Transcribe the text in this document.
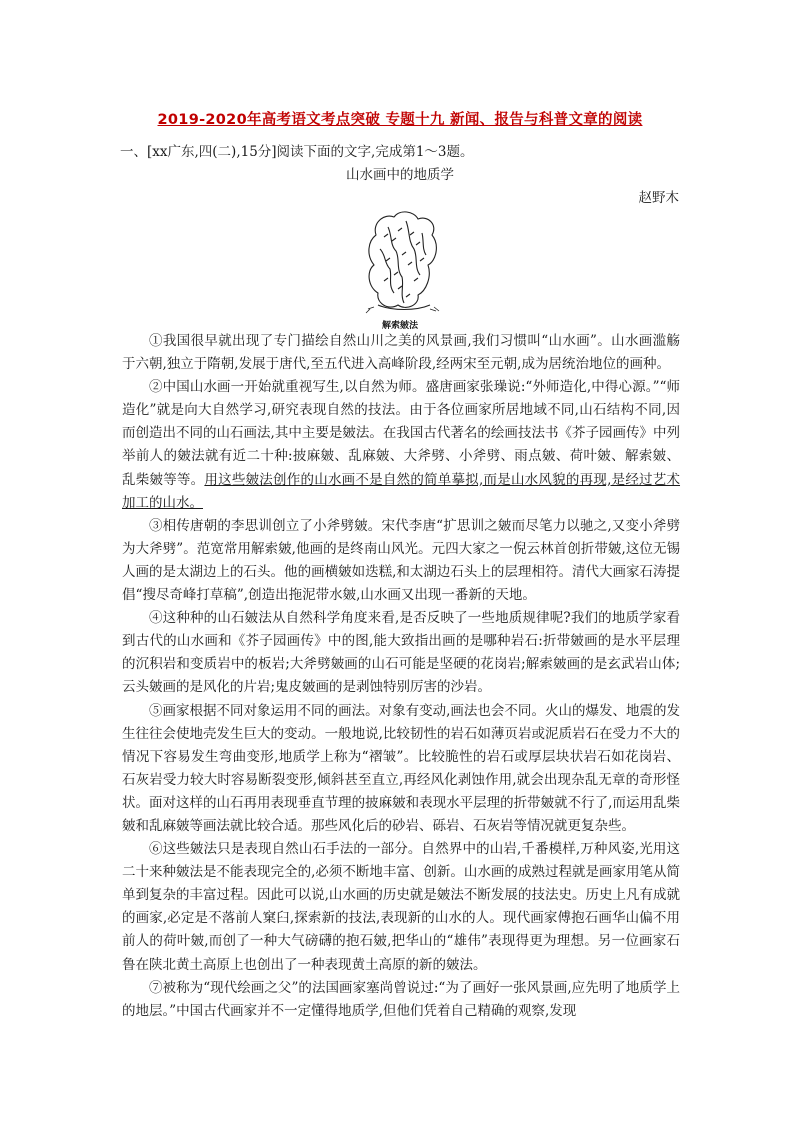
2019-2020年高考语文考点突破 专题十九 新闻、报告与科普文章的阅读
一、[xx广东,四(二),15分]阅读下面的文字,完成第1～3题。
山水画中的地质学
赵野木
解索皴法

①我国很早就出现了专门描绘自然山川之美的风景画,我们习惯叫“山水画”。山水画滥觞于六朝,独立于隋朝,发展于唐代,至五代进入高峰阶段,经两宋至元朝,成为居统治地位的画种。

②中国山水画一开始就重视写生,以自然为师。盛唐画家张璪说:“外师造化,中得心源。”“师造化”就是向大自然学习,研究表现自然的技法。由于各位画家所居地域不同,山石结构不同,因而创造出不同的山石画法,其中主要是皴法。在我国古代著名的绘画技法书《芥子园画传》中列举前人的皴法就有近二十种:披麻皴、乱麻皴、大斧劈、小斧劈、雨点皴、荷叶皴、解索皴、乱柴皴等等。用这些皴法创作的山水画不是自然的简单摹拟,而是山水风貌的再现,是经过艺术加工的山水。

③相传唐朝的李思训创立了小斧劈皴。宋代李唐“扩思训之皴而尽笔力以驰之,又变小斧劈为大斧劈”。范宽常用解索皴,他画的是终南山风光。元四大家之一倪云林首创折带皴,这位无锡人画的是太湖边上的石头。他的画横皴如迭糕,和太湖边石头上的层理相符。清代大画家石涛提倡“搜尽奇峰打草稿”,创造出拖泥带水皴,山水画又出现一番新的天地。

④这种种的山石皴法从自然科学角度来看,是否反映了一些地质规律呢?我们的地质学家看到古代的山水画和《芥子园画传》中的图,能大致指出画的是哪种岩石:折带皴画的是水平层理的沉积岩和变质岩中的板岩;大斧劈皴画的山石可能是坚硬的花岗岩;解索皴画的是玄武岩山体;云头皴画的是风化的片岩;鬼皮皴画的是剥蚀特别厉害的沙岩。

⑤画家根据不同对象运用不同的画法。对象有变动,画法也会不同。火山的爆发、地震的发生往往会使地壳发生巨大的变动。一般地说,比较韧性的岩石如薄页岩或泥质岩石在受力不大的情况下容易发生弯曲变形,地质学上称为“褶皱”。比较脆性的岩石或厚层块状岩石如花岗岩、石灰岩受力较大时容易断裂变形,倾斜甚至直立,再经风化剥蚀作用,就会出现杂乱无章的奇形怪状。面对这样的山石再用表现垂直节理的披麻皴和表现水平层理的折带皴就不行了,而运用乱柴皴和乱麻皴等画法就比较合适。那些风化后的砂岩、砾岩、石灰岩等情况就更复杂些。

⑥这些皴法只是表现自然山石手法的一部分。自然界中的山岩,千番模样,万种风姿,光用这二十来种皴法是不能表现完全的,必须不断地丰富、创新。山水画的成熟过程就是画家用笔从简单到复杂的丰富过程。因此可以说,山水画的历史就是皴法不断发展的技法史。历史上凡有成就的画家,必定是不落前人窠臼,探索新的技法,表现新的山水的人。现代画家傅抱石画华山偏不用前人的荷叶皴,而创了一种大气磅礴的抱石皴,把华山的“雄伟”表现得更为理想。另一位画家石鲁在陕北黄土高原上也创出了一种表现黄土高原的新的皴法。

⑦被称为“现代绘画之父”的法国画家塞尚曾说过:“为了画好一张风景画,应先明了地质学上的地层。”中国古代画家并不一定懂得地质学,但他们凭着自己精确的观察,发现
